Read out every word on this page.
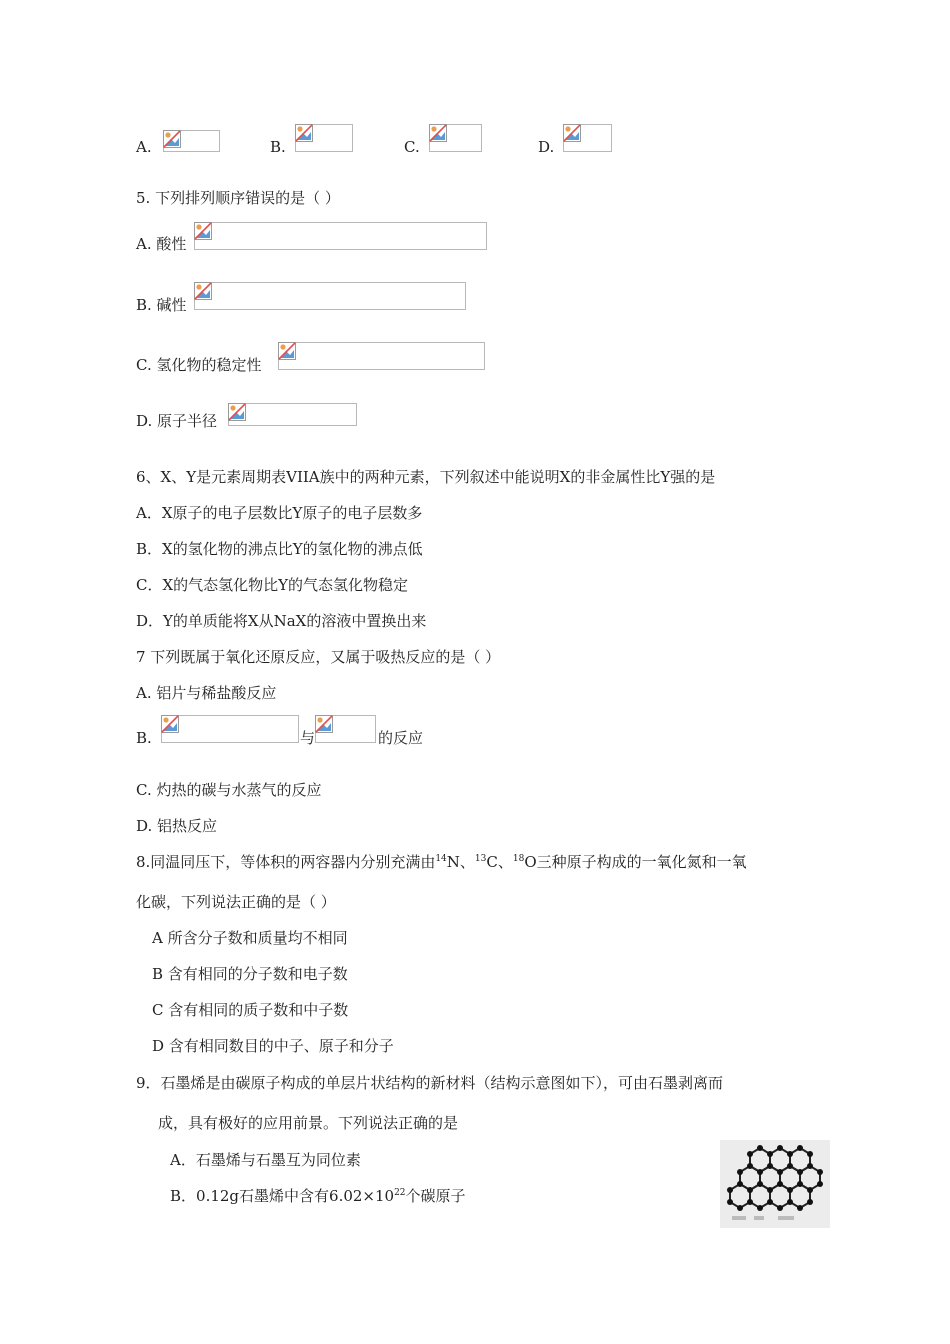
A.	B.	C.	D.
5. 下列排列顺序错误的是（ ）
A. 酸性
B. 碱性
C. 氢化物的稳定性
D. 原子半径
6、X、Y是元素周期表VIIA族中的两种元素，下列叙述中能说明X的非金属性比Y强的是
A．X原子的电子层数比Y原子的电子层数多
B．X的氢化物的沸点比Y的氢化物的沸点低
C．X的气态氢化物比Y的气态氢化物稳定
D．Y的单质能将X从NaX的溶液中置换出来
7 下列既属于氧化还原反应，又属于吸热反应的是（ ）
A. 铝片与稀盐酸反应
B.	与	的反应
C. 灼热的碳与水蒸气的反应
D. 铝热反应
8.同温同压下，等体积的两容器内分别充满由$^{14}$N、$^{13}$C、$^{18}$O三种原子构成的一氧化氮和一氧
化碳，下列说法正确的是（ ）
A 所含分子数和质量均不相同
B 含有相同的分子数和电子数
C 含有相同的质子数和中子数
D 含有相同数目的中子、原子和分子
9．石墨烯是由碳原子构成的单层片状结构的新材料（结构示意图如下），可由石墨剥离而
成，具有极好的应用前景。下列说法正确的是
A．石墨烯与石墨互为同位素
B．0.12g石墨烯中含有$6.02\times 10^{22}$个碳原子
